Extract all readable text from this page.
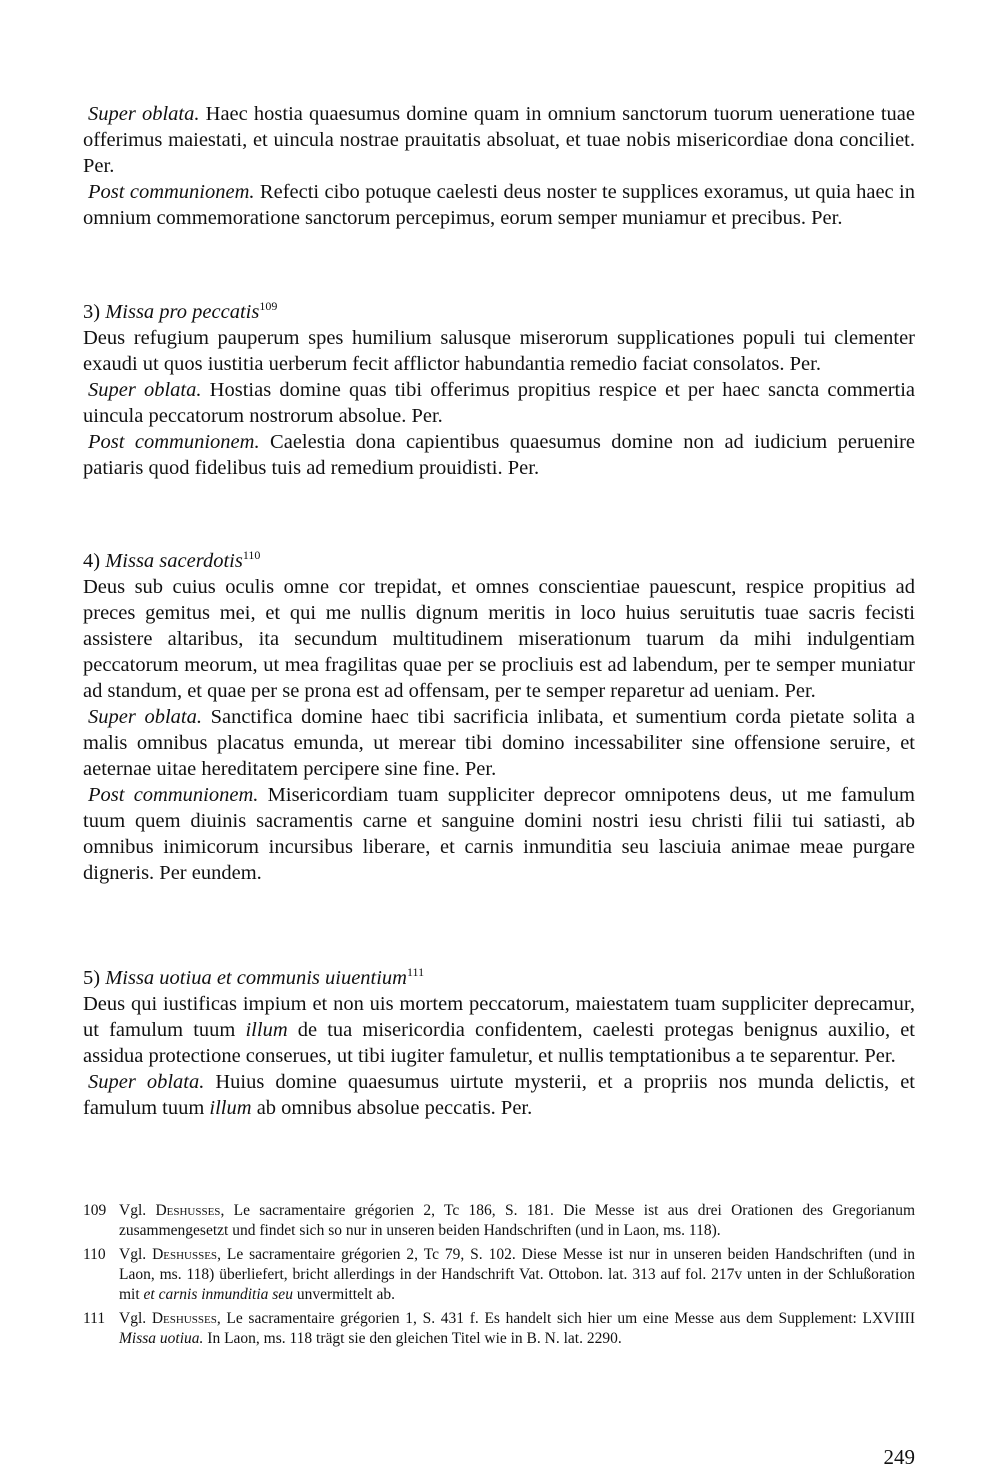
Super oblata. Haec hostia quaesumus domine quam in omnium sanctorum tuorum ueneratione tuae offerimus maiestati, et uincula nostrae prauitatis absoluat, et tuae nobis misericordiae dona conciliet. Per.

Post communionem. Refecti cibo potuque caelesti deus noster te supplices exoramus, ut quia haec in omnium commemoratione sanctorum percepimus, eorum semper muniamur et precibus. Per.

3) Missa pro peccatis$^{109}$

Deus refugium pauperum spes humilium salusque miserorum supplicationes populi tui clementer exaudi ut quos iustitia uerberum fecit afflictor habundantia remedio faciat consolatos. Per.

Super oblata. Hostias domine quas tibi offerimus propitius respice et per haec sancta commertia uincula peccatorum nostrorum absolue. Per.

Post communionem. Caelestia dona capientibus quaesumus domine non ad iudicium peruenire patiaris quod fidelibus tuis ad remedium prouidisti. Per.

4) Missa sacerdotis$^{110}$

Deus sub cuius oculis omne cor trepidat, et omnes conscientiae pauescunt, respice propitius ad preces gemitus mei, et qui me nullis dignum meritis in loco huius seruitutis tuae sacris fecisti assistere altaribus, ita secundum multitudinem miserationum tuarum da mihi indulgentiam peccatorum meorum, ut mea fragilitas quae per se procliuis est ad labendum, per te semper muniatur ad standum, et quae per se prona est ad offensam, per te semper reparetur ad ueniam. Per.

Super oblata. Sanctifica domine haec tibi sacrificia inlibata, et sumentium corda pietate solita a malis omnibus placatus emunda, ut merear tibi domino incessabiliter sine offensione seruire, et aeternae uitae hereditatem percipere sine fine. Per.

Post communionem. Misericordiam tuam suppliciter deprecor omnipotens deus, ut me famulum tuum quem diuinis sacramentis carne et sanguine domini nostri iesu christi filii tui satiasti, ab omnibus inimicorum incursibus liberare, et carnis inmunditia seu lasciuia animae meae purgare digneris. Per eundem.

5) Missa uotiua et communis uiuentium$^{111}$

Deus qui iustificas impium et non uis mortem peccatorum, maiestatem tuam suppliciter deprecamur, ut famulum tuum illum de tua misericordia confidentem, caelesti protegas benignus auxilio, et assidua protectione conserues, ut tibi iugiter famuletur, et nullis temptationibus a te separentur. Per.

Super oblata. Huius domine quaesumus uirtute mysterii, et a propriis nos munda delictis, et famulum tuum illum ab omnibus absolue peccatis. Per.

109 Vgl. Deshusses, Le sacramentaire grégorien 2, Tc 186, S. 181. Die Messe ist aus drei Orationen des Gregorianum zusammengesetzt und findet sich so nur in unseren beiden Handschriften (und in Laon, ms. 118).
110 Vgl. Deshusses, Le sacramentaire grégorien 2, Tc 79, S. 102. Diese Messe ist nur in unseren beiden Handschriften (und in Laon, ms. 118) überliefert, bricht allerdings in der Handschrift Vat. Ottobon. lat. 313 auf fol. 217v unten in der Schlußoration mit et carnis inmunditia seu unvermittelt ab.
111 Vgl. Deshusses, Le sacramentaire grégorien 1, S. 431 f. Es handelt sich hier um eine Messe aus dem Supplement: LXVIIII Missa uotiua. In Laon, ms. 118 trägt sie den gleichen Titel wie in B. N. lat. 2290.
249
